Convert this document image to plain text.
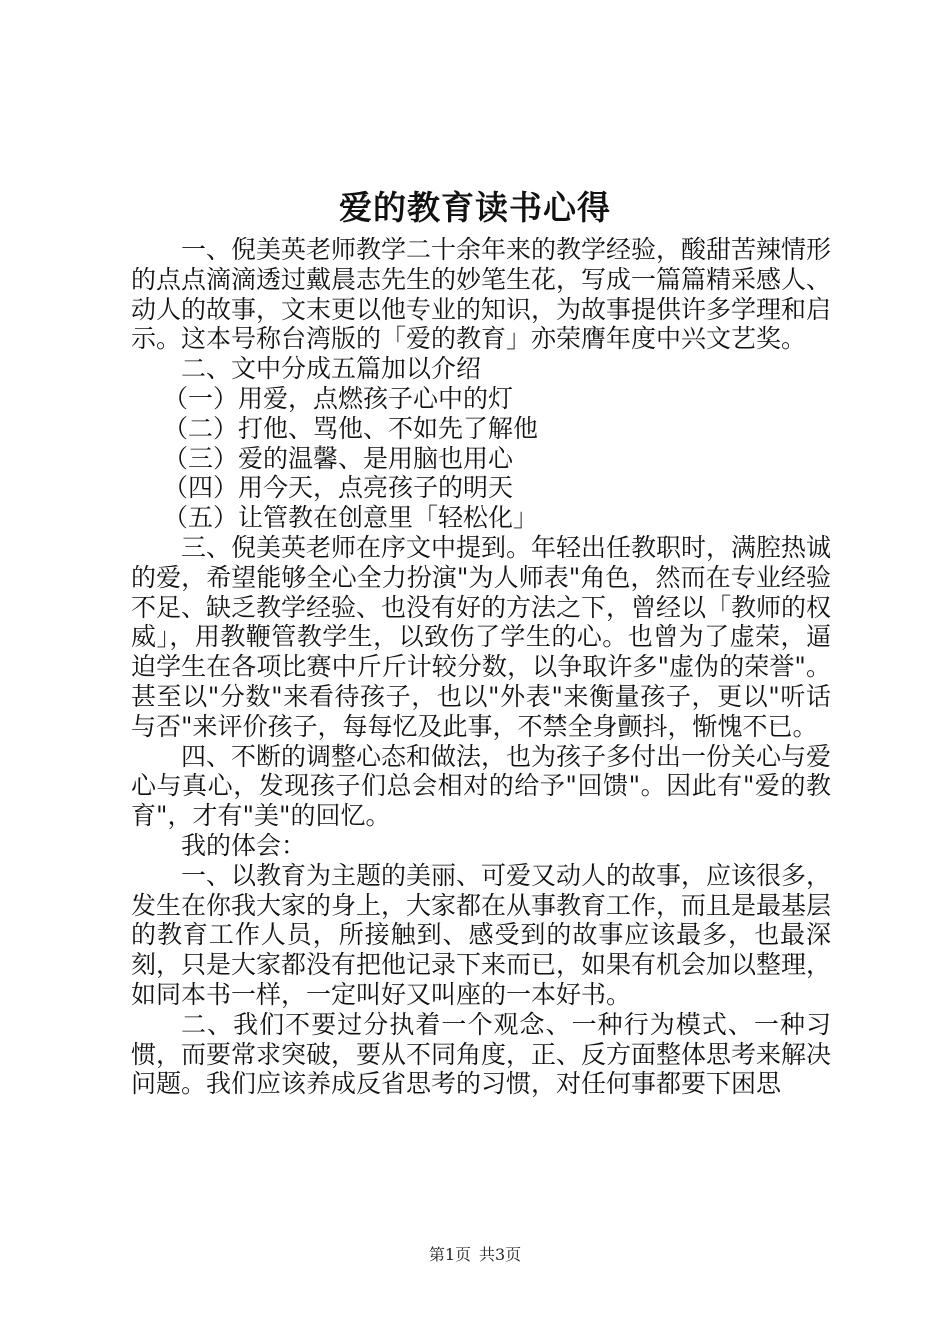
爱的教育读书心得

一、倪美英老师教学二十余年来的教学经验，酸甜苦辣情形的点点滴滴透过戴晨志先生的妙笔生花，写成一篇篇精采感人、动人的故事，文末更以他专业的知识，为故事提供许多学理和启示。这本号称台湾版的「爱的教育」亦荣膺年度中兴文艺奖。

二、文中分成五篇加以介绍

（一）用爱，点燃孩子心中的灯

（二）打他、骂他、不如先了解他

（三）爱的温馨、是用脑也用心

（四）用今天，点亮孩子的明天

（五）让管教在创意里「轻松化」

三、倪美英老师在序文中提到。年轻出任教职时，满腔热诚的爱，希望能够全心全力扮演"为人师表"角色，然而在专业经验不足、缺乏教学经验、也没有好的方法之下，曾经以「教师的权威」，用教鞭管教学生，以致伤了学生的心。也曾为了虚荣，逼迫学生在各项比赛中斤斤计较分数，以争取许多"虚伪的荣誉"。甚至以"分数"来看待孩子，也以"外表"来衡量孩子，更以"听话与否"来评价孩子，每每忆及此事，不禁全身颤抖，惭愧不已。

四、不断的调整心态和做法，也为孩子多付出一份关心与爱心与真心，发现孩子们总会相对的给予"回馈"。因此有"爱的教育"，才有"美"的回忆。

我的体会：

一、以教育为主题的美丽、可爱又动人的故事，应该很多，发生在你我大家的身上，大家都在从事教育工作，而且是最基层的教育工作人员，所接触到、感受到的故事应该最多，也最深刻，只是大家都没有把他记录下来而已，如果有机会加以整理，如同本书一样，一定叫好又叫座的一本好书。

二、我们不要过分执着一个观念、一种行为模式、一种习惯，而要常求突破，要从不同角度，正、反方面整体思考来解决问题。我们应该养成反省思考的习惯，对任何事都要下困思

第1页 共3页
